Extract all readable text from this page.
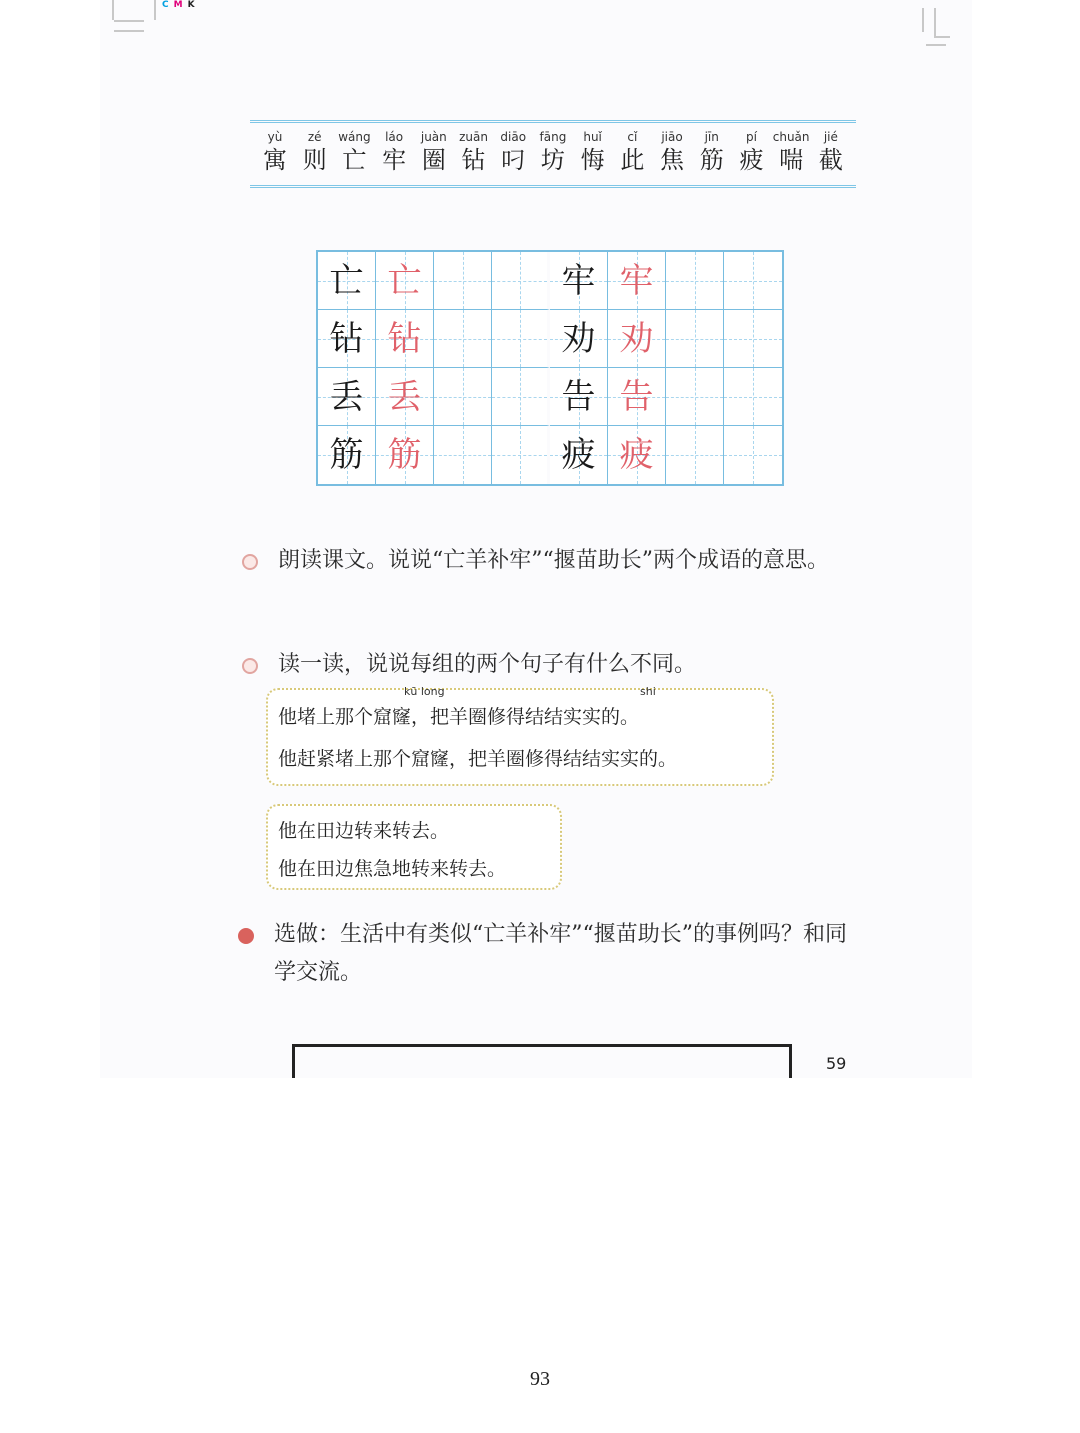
CMK
yù
寓
zé
则
wáng
亡
láo
牢
juàn
圈
zuān
钻
diāo
叼
fāng
坊
huǐ
悔
cǐ
此
jiāo
焦
jīn
筋
pí
疲
chuǎn
喘
jié
截
亡 亡	牢 牢
钻 钻	劝 劝
丢 丢	告 告
筋 筋	疲 疲
朗读课文。说说“亡羊补牢”“揠苗助长”两个成语的意思。
读一读，说说每组的两个句子有什么不同。
kū long	shi
他堵上那个窟窿，把羊圈修得结结实实的。
他赶紧堵上那个窟窿，把羊圈修得结结实实的。
他在田边转来转去。
他在田边焦急地转来转去。
选做：生活中有类似“亡羊补牢”“揠苗助长”的事例吗？和同学交流。
59
93
